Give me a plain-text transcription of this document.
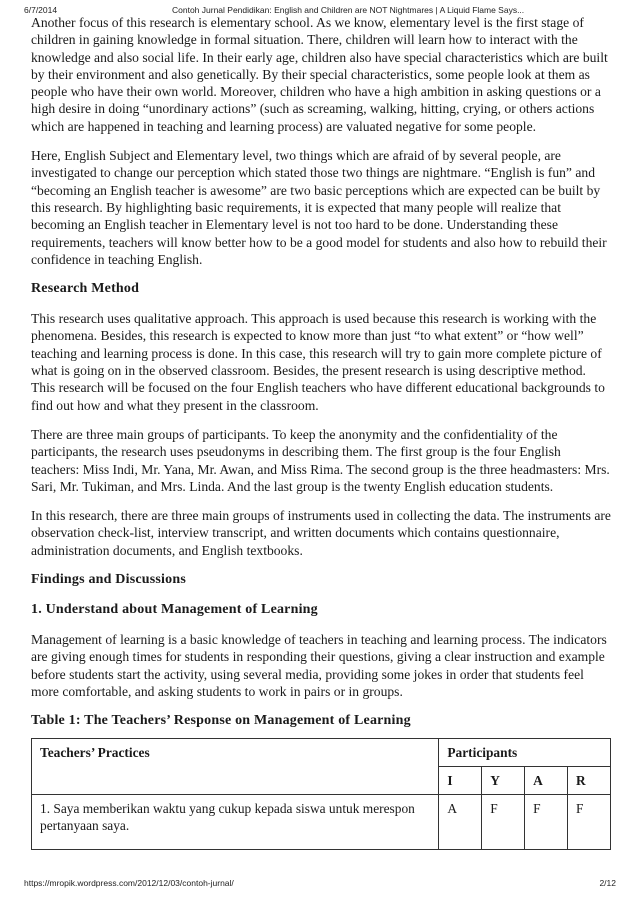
6/7/2014	Contoh Jurnal Pendidikan: English and Children are NOT Nightmares | A Liquid Flame Says...

Another focus of this research is elementary school. As we know, elementary level is the first stage of children in gaining knowledge in formal situation. There, children will learn how to interact with the knowledge and also social life. In their early age, children also have special characteristics which are built by their environment and also genetically. By their special characteristics, some people look at them as people who have their own world. Moreover, children who have a high ambition in asking questions or a high desire in doing “unordinary actions” (such as screaming, walking, hitting, crying, or others actions which are happened in teaching and learning process) are valuated negative for some people.

Here, English Subject and Elementary level, two things which are afraid of by several people, are investigated to change our perception which stated those two things are nightmare. “English is fun” and “becoming an English teacher is awesome” are two basic perceptions which are expected can be built by this research. By highlighting basic requirements, it is expected that many people will realize that becoming an English teacher in Elementary level is not too hard to be done. Understanding these requirements, teachers will know better how to be a good model for students and also how to rebuild their confidence in teaching English.

Research Method

This research uses qualitative approach. This approach is used because this research is working with the phenomena. Besides, this research is expected to know more than just “to what extent” or “how well” teaching and learning process is done. In this case, this research will try to gain more complete picture of what is going on in the observed classroom. Besides, the present research is using descriptive method. This research will be focused on the four English teachers who have different educational backgrounds to find out how and what they present in the classroom.

There are three main groups of participants. To keep the anonymity and the confidentiality of the participants, the research uses pseudonyms in describing them. The first group is the four English teachers: Miss Indi, Mr. Yana, Mr. Awan, and Miss Rima. The second group is the three headmasters: Mrs. Sari, Mr. Tukiman, and Mrs. Linda. And the last group is the twenty English education students.

In this research, there are three main groups of instruments used in collecting the data. The instruments are observation check-list, interview transcript, and written documents which contains questionnaire, administration documents, and English textbooks.

Findings and Discussions
1. Understand about Management of Learning

Management of learning is a basic knowledge of teachers in teaching and learning process. The indicators are giving enough times for students in responding their questions, giving a clear instruction and example before students start the activity, using several media, providing some jokes in order that students feel more comfortable, and asking students to work in pairs or in groups.

Table 1: The Teachers’ Response on Management of Learning
Teachers’ Practices	Participants			
	I	Y	A	R
1. Saya memberikan waktu yang cukup kepada siswa untuk merespon pertanyaan saya.	A	F	F	F
https://mropik.wordpress.com/2012/12/03/contoh-jurnal/	2/12
